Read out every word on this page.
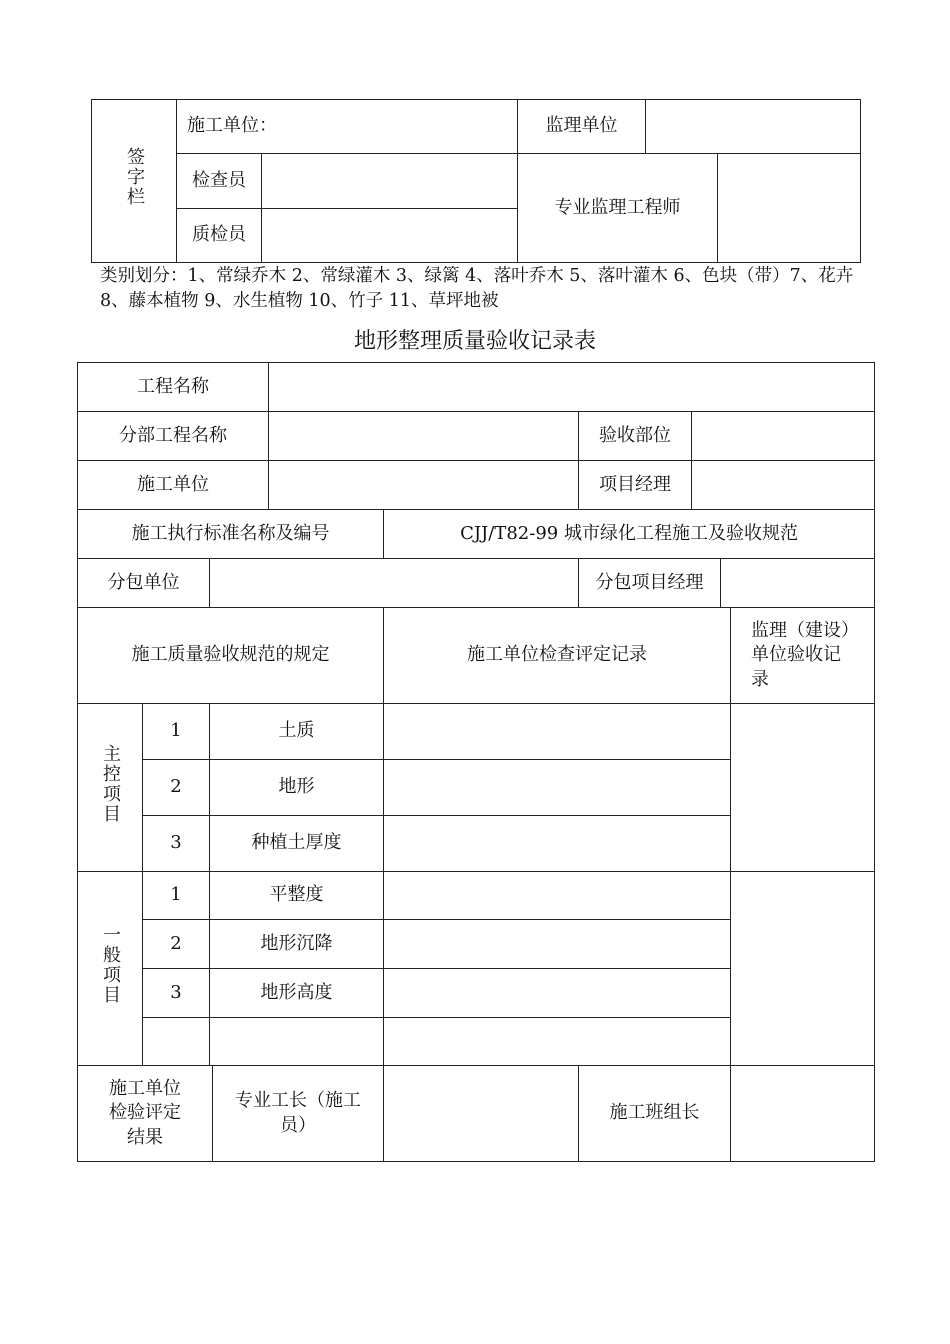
签字栏	施工单位：		监理单位		
	检查员		专业监理工程师		
	质检员				

类别划分：1、常绿乔木 2、常绿灌木 3、绿篱 4、落叶乔木 5、落叶灌木 6、色块（带）7、花卉 8、藤本植物 9、水生植物 10、竹子 11、草坪地被

地形整理质量验收记录表
工程名称									
分部工程名称						验收部位			
施工单位						项目经理			
施工执行标准名称及编号					CJJ/T82-99 城市绿化工程施工及验收规范				
分包单位						分包项目经理			
施工质量验收规范的规定					施工单位检查评定记录				监理（建设）单位验收记录
主控项目	1	土质							
	2	地形							
	3	种植土厚度							
一般项目	1	平整度							
	2	地形沉降							
	3	地形高度							

施工单位检验评定结果			专业工长（施工员）			施工班组长			
